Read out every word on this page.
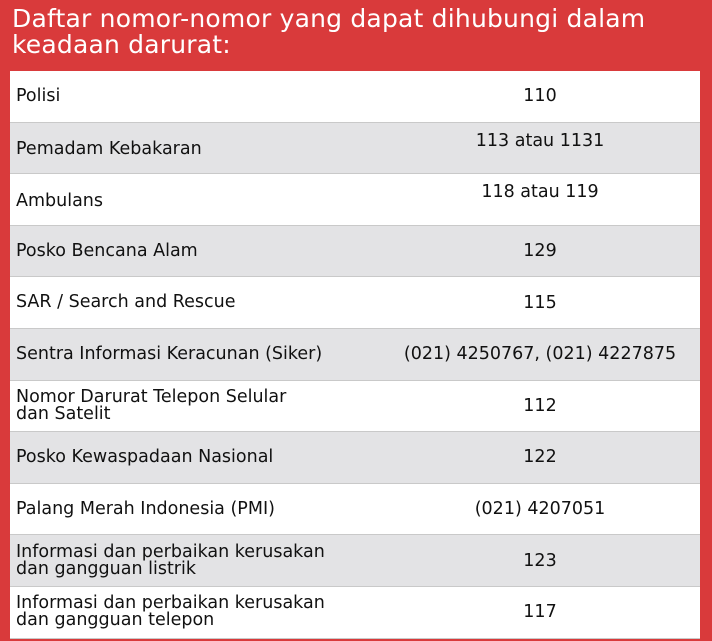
Daftar nomor-nomor yang dapat dihubungi dalam
keadaan darurat:
Polisi	110
Pemadam Kebakaran	113 atau 1131
Ambulans	118 atau 119
Posko Bencana Alam	129
SAR / Search and Rescue	115
Sentra Informasi Keracunan (Siker)	(021) 4250767, (021) 4227875
Nomor Darurat Telepon Selular
dan Satelit	112
Posko Kewaspadaan Nasional	122
Palang Merah Indonesia (PMI)	(021) 4207051
Informasi dan perbaikan kerusakan
dan gangguan listrik	123
Informasi dan perbaikan kerusakan
dan gangguan telepon	117
